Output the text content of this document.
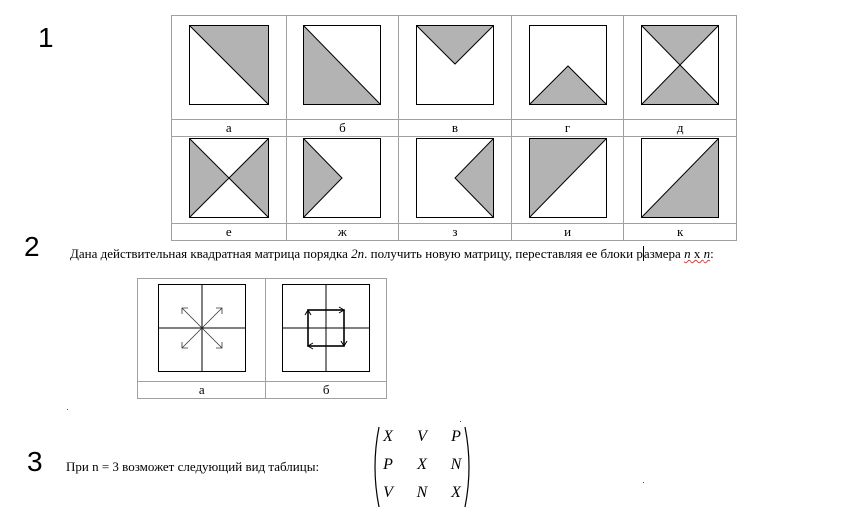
1
2
3

а	б	в	г	д

е	ж	з	и	к
Дана действительная квадратная матрица порядка 2n. получить новую матрицу, переставляя ее блоки размера n x n:

а	б
При n = 3 возможет следующий вид таблицы:
X	V	P
P	X	N
V	N	X
